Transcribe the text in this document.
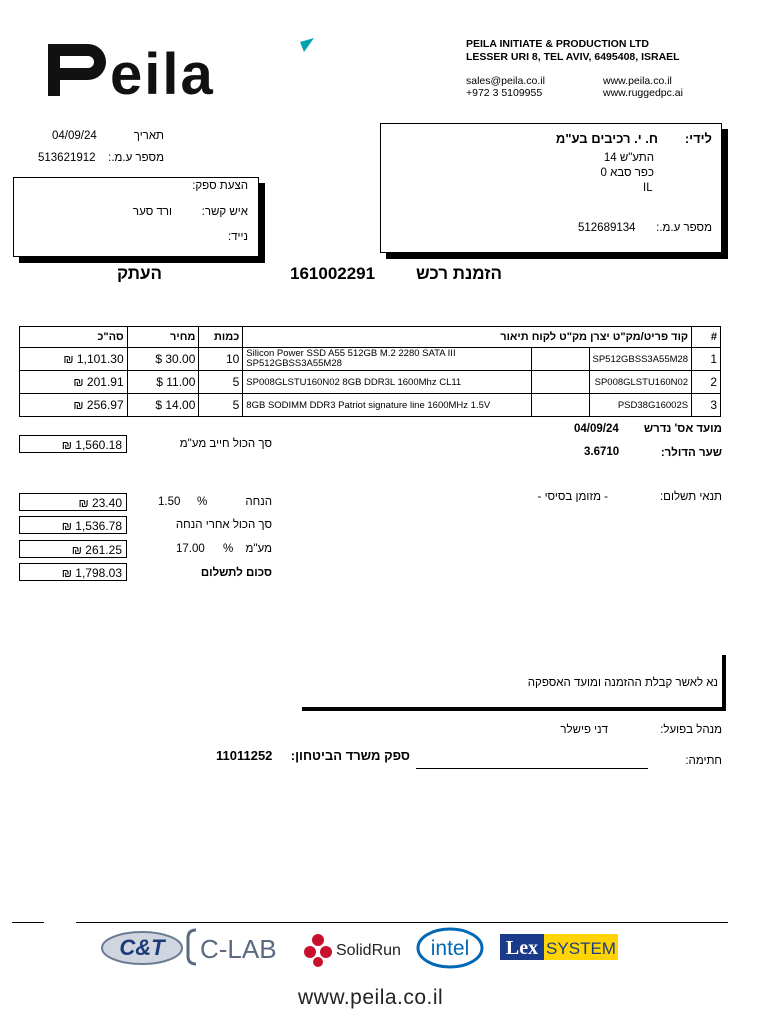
eila	PEILA INITIATE & PRODUCTION LTD
LESSER URI 8, TEL AVIV, 6495408, ISRAEL
sales@peila.co.il
+972 3 5109955
www.peila.co.il
www.ruggedpc.ai
04/09/24	תאריך
513621912 מספר ע.מ.:
הצעת ספק:
איש קשר:
ורד סער
נייד:
לידי:
ח. י. רכיבים בע"מ
התע"ש 14
כפר סבא 0
IL
מספר ע.מ.:
512689134
הזמנת רכש
161002291
העתק
סה"כ	מחיר	כמות	קוד פריט/מק"ט יצרן מק"ט לקוח תיאור			#
₪ 1,101.30	$ 30.00	10	Silicon Power SSD A55 512GB M.2 2280 SATA III
SP512GBSS3A55M28		SP512GBSS3A55M28	1
₪ 201.91	$ 11.00	5	SP008GLSTU160N02 8GB DDR3L 1600Mhz CL11		SP008GLSTU160N02	2
₪ 256.97	$ 14.00	5	8GB SODIMM DDR3 Patriot signature line 1600MHz 1.5V		PSD38G16002S	3
₪ 1,560.18	סך הכול חייב מע"מ
מועד אס' נדרש
04/09/24
שער הדולר:
3.6710
תנאי תשלום:
- מזומן בסיסי -
₪ 23.40	1.50 %	הנחה
₪ 1,536.78	סך הכול אחרי הנחה
₪ 261.25	17.00 % מע"מ
₪ 1,798.03	סכום לתשלום
נא לאשר קבלת ההזמנה ומועד האספקה
מנהל בפועל:
דני פישלר
חתימה:
ספק משרד הביטחון:
11011252
C&T C-LAB	SolidRun intel Lex SYSTEM
www.peila.co.il
